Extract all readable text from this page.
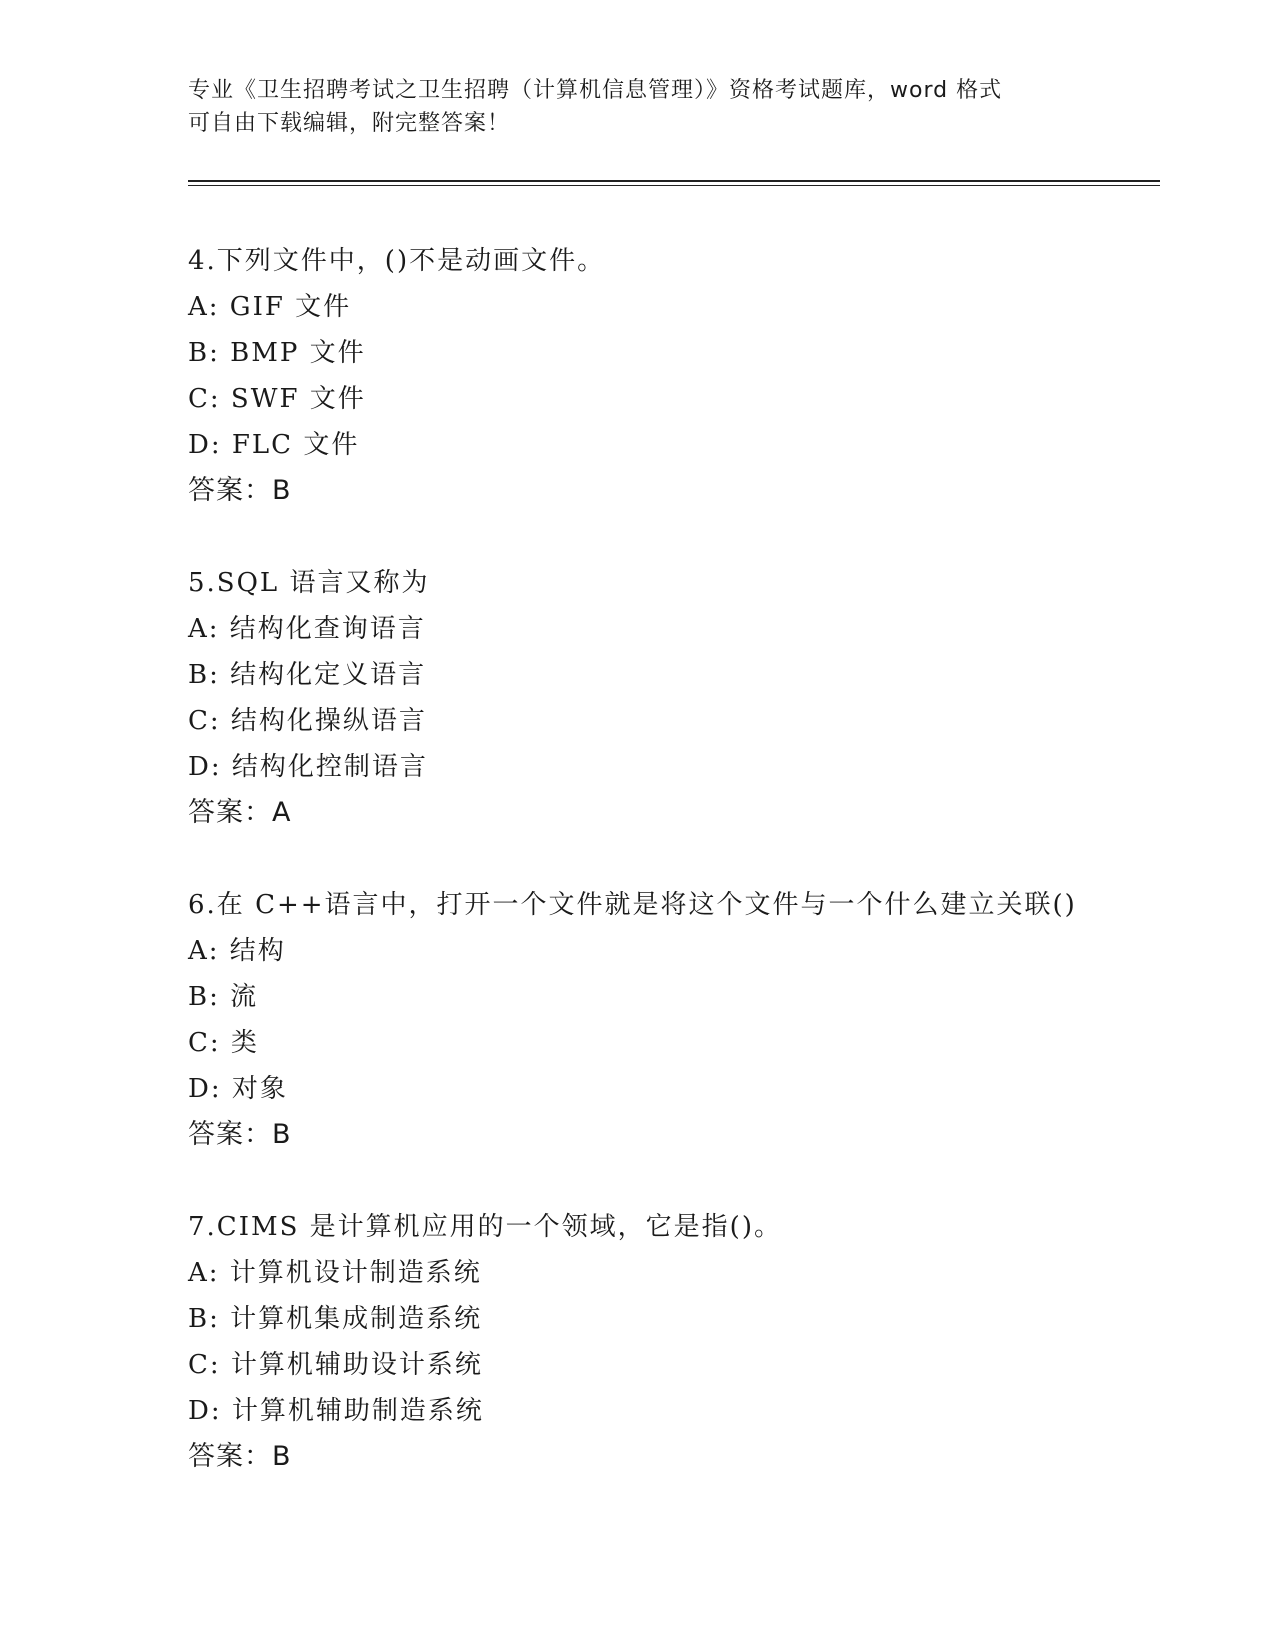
专业《卫生招聘考试之卫生招聘（计算机信息管理）》资格考试题库，word 格式
可自由下载编辑，附完整答案！
4.下列文件中，()不是动画文件。
A: GIF 文件
B: BMP 文件
C: SWF 文件
D: FLC 文件
答案：B
5.SQL 语言又称为
A: 结构化查询语言
B: 结构化定义语言
C: 结构化操纵语言
D: 结构化控制语言
答案：A
6.在 C++语言中，打开一个文件就是将这个文件与一个什么建立关联()
A: 结构
B: 流
C: 类
D: 对象
答案：B
7.CIMS 是计算机应用的一个领域，它是指()。
A: 计算机设计制造系统
B: 计算机集成制造系统
C: 计算机辅助设计系统
D: 计算机辅助制造系统
答案：B
